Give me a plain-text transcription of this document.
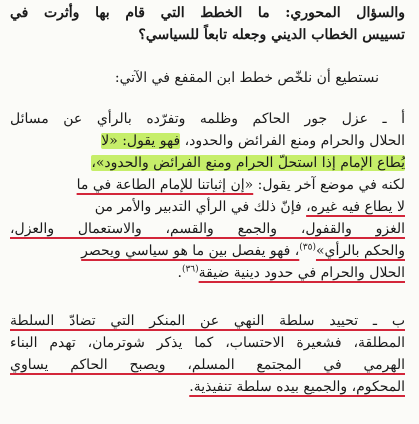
والسؤال المحوري: ما الخطط التي قام بها وأثرت في
تسييس الخطاب الديني وجعله تابعاً للسياسي؟
نستطيع أن نلخّص خطط ابن المقفع في الآتي:
أ ـ عزل جور الحاكم وظلمه وتفرّده بالرأي عن مسائل
الحلال والحرام ومنع الفرائض والحدود، فهو يقول: «لا
يُطاع الإمام إذا استحلّ الحرام ومنع الفرائض والحدود»،
لكنه في موضع آخر يقول: «إن إثباتنا للإمام الطاعة في ما
لا يطاع فيه غيره، فإنّ ذلك في الرأي التدبير والأمر من
الغزو والقفول، والجمع والقسم، والاستعمال والعزل،
والحكم بالرأي»$^{(٣٥)}$، فهو يفصل بين ما هو سياسي ويحصر
الحلال والحرام في حدود دينية ضيقة$^{(٣٦)}$.
ب ـ تحييد سلطة النهي عن المنكر التي تضادّ السلطة
المطلقة، فشعيرة الاحتساب، كما يذكر شوترمان، تهدم البناء
الهرمي في المجتمع المسلم، ويصبح الحاكم يساوي
المحكوم، والجميع بيده سلطة تنفيذية.
